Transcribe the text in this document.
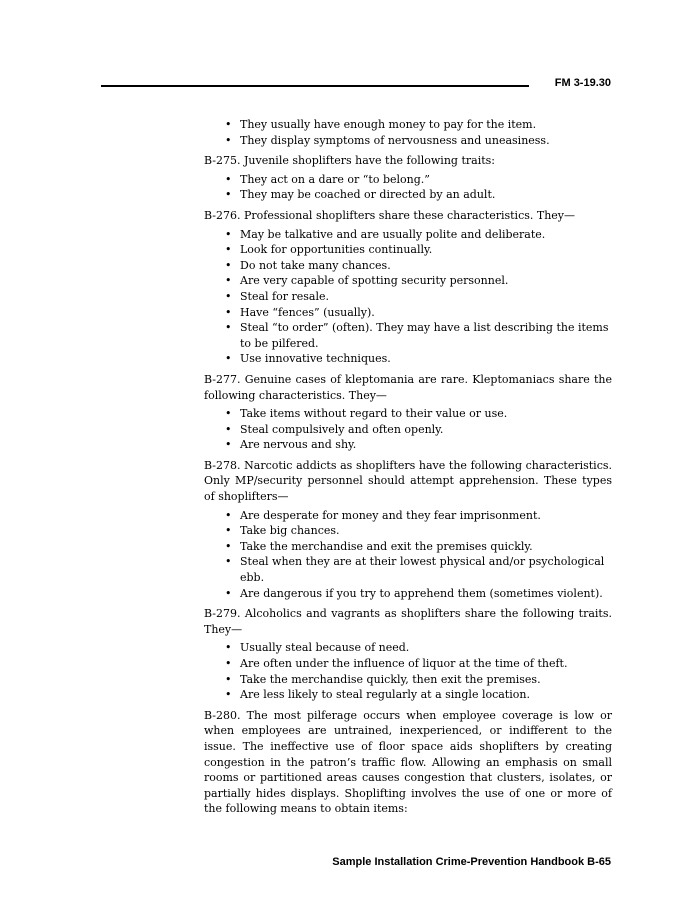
FM 3-19.30
• They usually have enough money to pay for the item.
• They display symptoms of nervousness and uneasiness.

B-275. Juvenile shoplifters have the following traits:

• They act on a dare or “to belong.”
• They may be coached or directed by an adult.

B-276. Professional shoplifters share these characteristics. They—

• May be talkative and are usually polite and deliberate.
• Look for opportunities continually.
• Do not take many chances.
• Are very capable of spotting security personnel.
• Steal for resale.
• Have “fences” (usually).
• Steal “to order” (often). They may have a list describing the items to be pilfered.
• Use innovative techniques.

B-277. Genuine cases of kleptomania are rare. Kleptomaniacs share the following characteristics. They—

• Take items without regard to their value or use.
• Steal compulsively and often openly.
• Are nervous and shy.

B-278. Narcotic addicts as shoplifters have the following characteristics. Only MP/security personnel should attempt apprehension. These types of shoplifters—

• Are desperate for money and they fear imprisonment.
• Take big chances.
• Take the merchandise and exit the premises quickly.
• Steal when they are at their lowest physical and/or psychological ebb.
• Are dangerous if you try to apprehend them (sometimes violent).

B-279. Alcoholics and vagrants as shoplifters share the following traits. They—

• Usually steal because of need.
• Are often under the influence of liquor at the time of theft.
• Take the merchandise quickly, then exit the premises.
• Are less likely to steal regularly at a single location.

B-280. The most pilferage occurs when employee coverage is low or when employees are untrained, inexperienced, or indifferent to the issue. The ineffective use of floor space aids shoplifters by creating congestion in the patron’s traffic flow. Allowing an emphasis on small rooms or partitioned areas causes congestion that clusters, isolates, or partially hides displays. Shoplifting involves the use of one or more of the following means to obtain items:

Sample Installation Crime-Prevention Handbook B-65
